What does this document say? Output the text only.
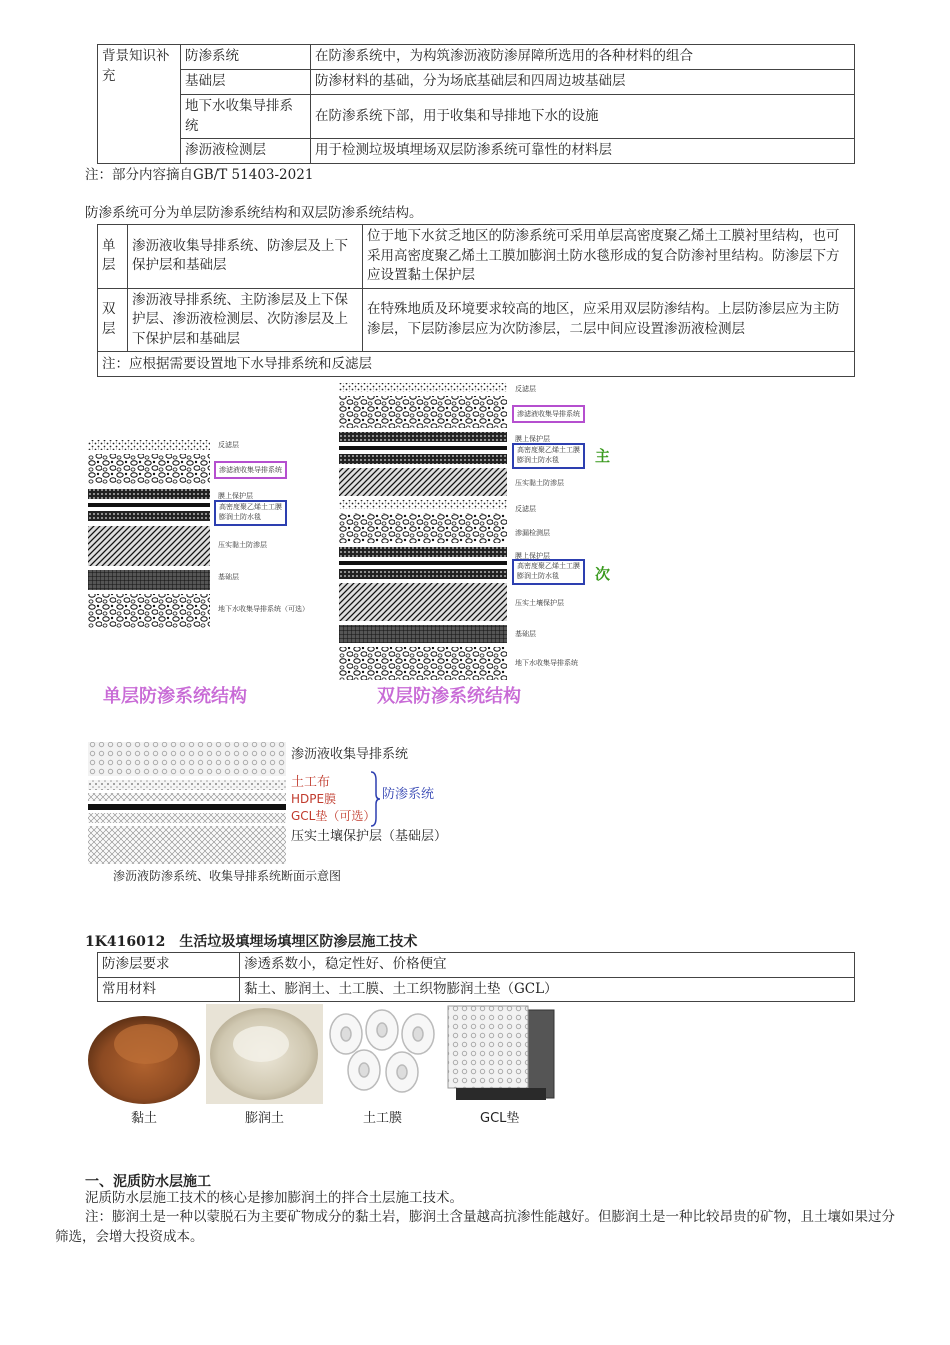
背景知识补充	防渗系统	在防渗系统中，为构筑渗沥液防渗屏障所选用的各种材料的组合
	基础层	防渗材料的基础，分为场底基础层和四周边坡基础层
	地下水收集导排系统	在防渗系统下部，用于收集和导排地下水的设施
	渗沥液检测层	用于检测垃圾填埋场双层防渗系统可靠性的材料层
注：部分内容摘自GB/T 51403-2021
防渗系统可分为单层防渗系统结构和双层防渗系统结构。
单层	渗沥液收集导排系统、防渗层及上下保护层和基础层	位于地下水贫乏地区的防渗系统可采用单层高密度聚乙烯土工膜衬里结构，也可采用高密度聚乙烯土工膜加膨润土防水毯形成的复合防渗衬里结构。防渗层下方应设置黏土保护层
双层	渗沥液导排系统、主防渗层及上下保护层、渗沥液检测层、次防渗层及上下保护层和基础层	在特殊地质及环境要求较高的地区，应采用双层防渗结构。上层防渗层应为主防渗层，下层防渗层应为次防渗层，二层中间应设置渗沥液检测层
注：应根据需要设置地下水导排系统和反滤层		
反滤层
渗滤液收集导排系统
膜上保护层
高密度聚乙烯土工膜
膨润土防水毯
压实黏土防渗层
基础层
地下水收集导排系统（可选）
单层防渗系统结构
反滤层
渗滤液收集导排系统
膜上保护层
高密度聚乙烯土工膜
膨润土防水毯	主
压实黏土防渗层
反滤层
渗漏检测层
膜上保护层
高密度聚乙烯土工膜
膨润土防水毯	次
压实土壤保护层
基础层
地下水收集导排系统
双层防渗系统结构
渗沥液收集导排系统
土工布
HDPE膜
GCL垫（可选）
防渗系统
压实土壤保护层（基础层）
渗沥液防渗系统、收集导排系统断面示意图
1K416012　生活垃圾填埋场填埋区防渗层施工技术
防渗层要求	渗透系数小，稳定性好、价格便宜
常用材料	黏土、膨润土、土工膜、土工织物膨润土垫（GCL）
黏土	膨润土	土工膜	GCL垫
一、泥质防水层施工
泥质防水层施工技术的核心是掺加膨润土的拌合土层施工技术。
注：膨润土是一种以蒙脱石为主要矿物成分的黏土岩，膨润土含量越高抗渗性能越好。但膨润土是一种比较昂贵的矿物，且土壤如果过分筛选，会增大投资成本。
